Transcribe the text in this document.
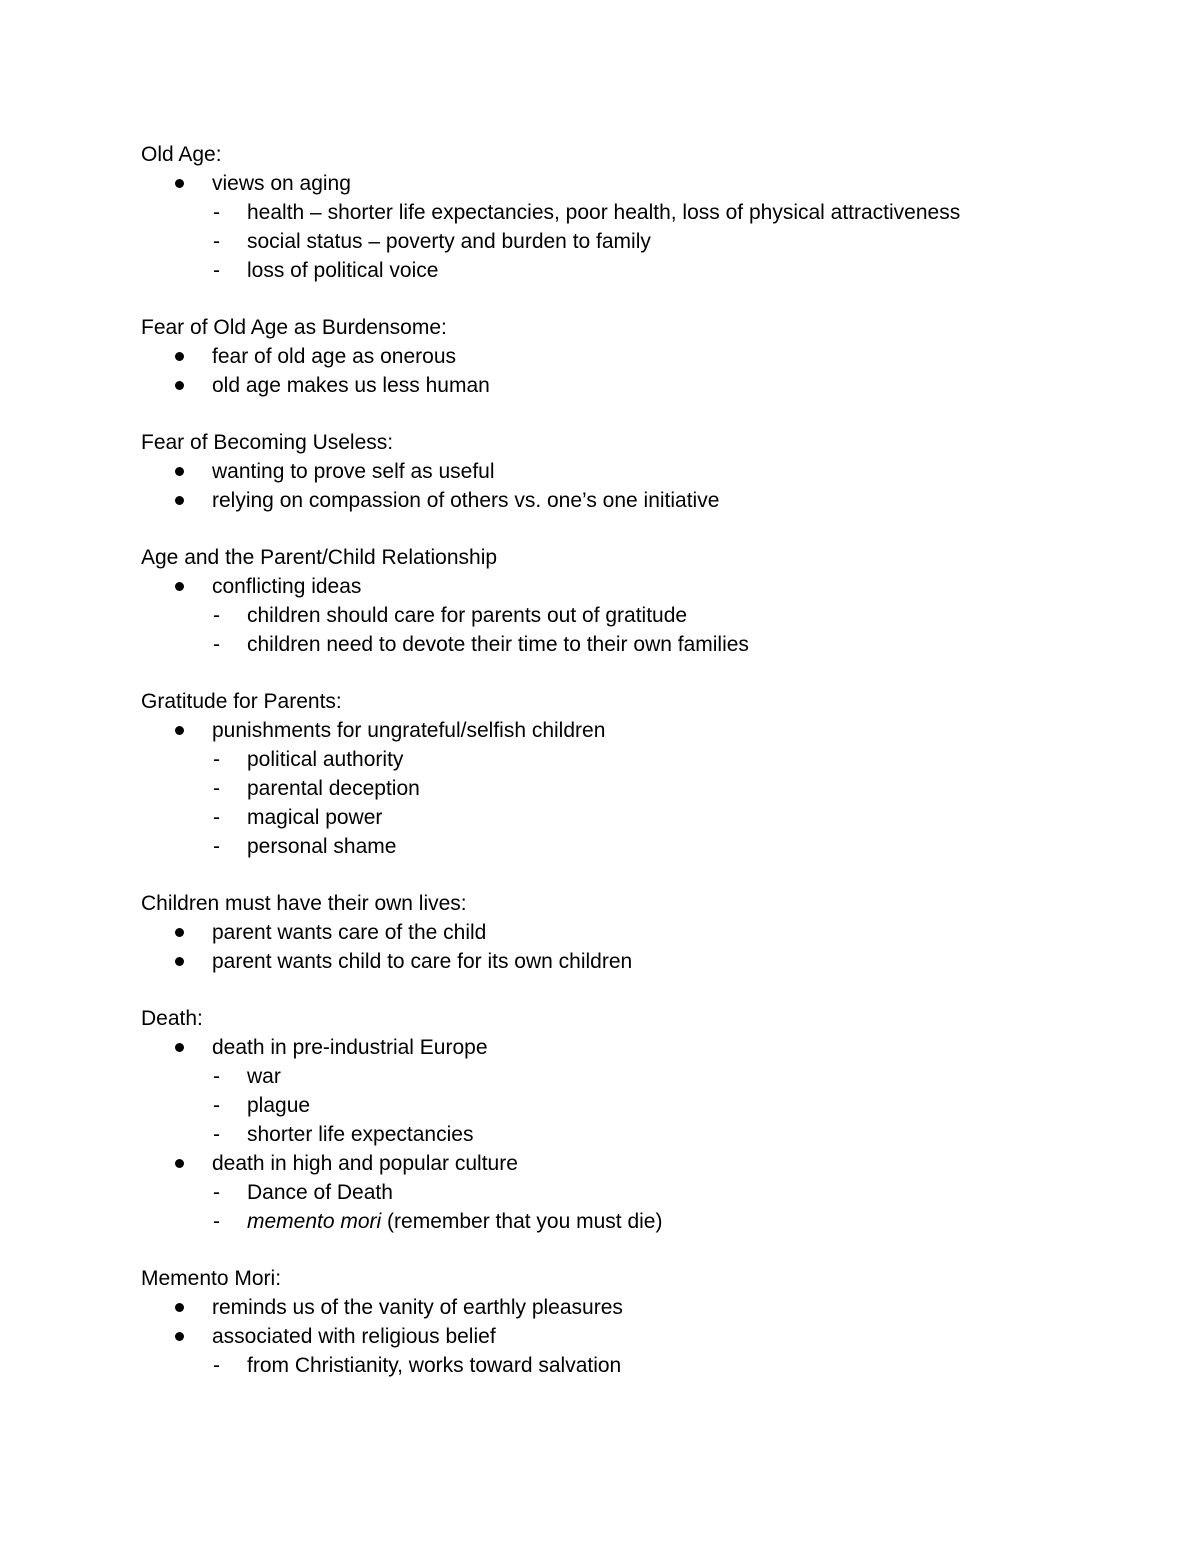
Old Age:
views on aging
- health – shorter life expectancies, poor health, loss of physical attractiveness
- social status – poverty and burden to family
- loss of political voice
Fear of Old Age as Burdensome:
fear of old age as onerous
old age makes us less human
Fear of Becoming Useless:
wanting to prove self as useful
relying on compassion of others vs. one’s one initiative
Age and the Parent/Child Relationship
conflicting ideas
- children should care for parents out of gratitude
- children need to devote their time to their own families
Gratitude for Parents:
punishments for ungrateful/selfish children
- political authority
- parental deception
- magical power
- personal shame
Children must have their own lives:
parent wants care of the child
parent wants child to care for its own children
Death:
death in pre-industrial Europe
- war
- plague
- shorter life expectancies
death in high and popular culture
- Dance of Death
- memento mori (remember that you must die)
Memento Mori:
reminds us of the vanity of earthly pleasures
associated with religious belief
- from Christianity, works toward salvation
